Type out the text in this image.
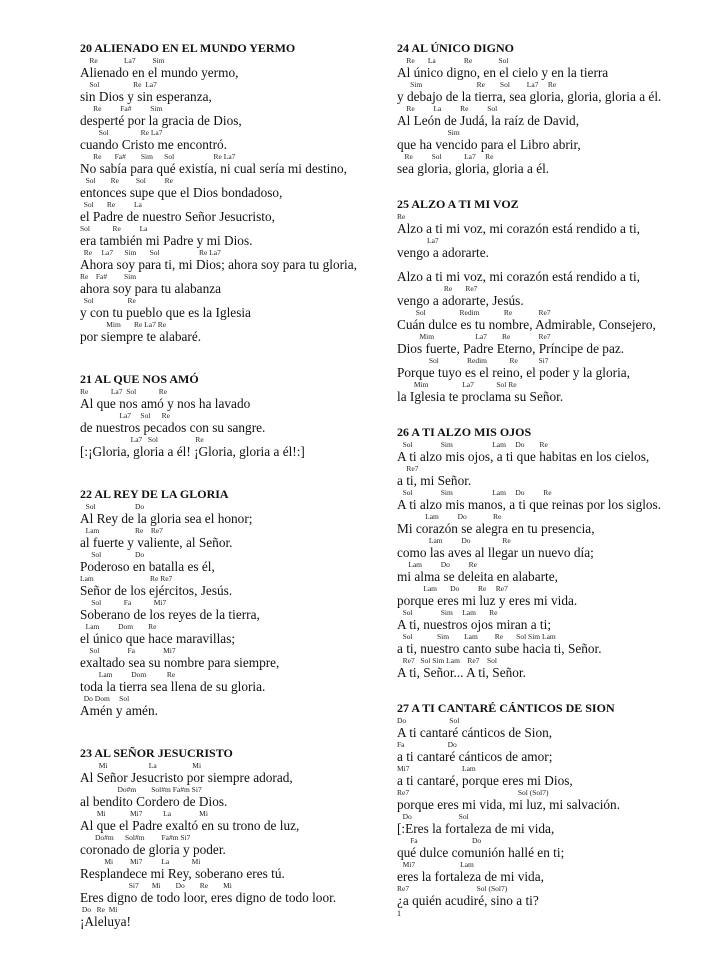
20 ALIENADO EN EL MUNDO YERMO
Re              La7         Sim
Alienado en el mundo yermo,
Sol                  Re  La7
sin Dios y sin esperanza,
Re          Fa#          Sim
desperté por la gracia de Dios,
Sol                 Re La7
cuando Cristo me encontró.
Re       Fa#        Sim      Sol                     Re La7
No sabía para qué existía, ni cual sería mi destino,
Sol        Re         Sol          Re
entonces supe que el Dios bondadoso,
Sol       Re          La
el Padre de nuestro Señor Jesucristo,
Sol            Re          La
era también mi Padre y mi Dios.
Re     La7      Sim       Sol                     Re La7
Ahora soy para ti, mi Dios; ahora soy para tu gloria,
Re    Fa#         Sim
ahora soy para tu alabanza
Sol                  Re
y con tu pueblo que es la Iglesia
Mim       Re La7 Re
por siempre te alabaré.
21 AL QUE NOS AMÓ
Re            La7  Sol            Re
Al que nos amó y nos ha lavado
La7     Sol      Re
de nuestros pecados con su sangre.
La7   Sol                    Re
[:¡Gloria, gloria a él! ¡Gloria, gloria a él!:]
22 AL REY DE LA GLORIA
Sol                     Do
Al Rey de la gloria sea el honor;
Lam                   Re    Re7
al fuerte y valiente, al Señor.
Sol                  Do
Poderoso en batalla es él,
Lam                              Re Re7
Señor de los ejércitos, Jesús.
Sol            Fa            Mi7
Soberano de los reyes de la tierra,
Lam          Dom        Re
el único que hace maravillas;
Sol               Fa               Mi7
exaltado sea su nombre para siempre,
Lam          Dom           Re
toda la tierra sea llena de su gloria.
Do Dom     Sol
Amén y amén.
23 AL SEÑOR JESUCRISTO
Mi                      La                   Mi
Al Señor Jesucristo por siempre adorad,
Do#m        Sol#m Fa#m Si7
al bendito Cordero de Dios.
Mi             Mi7           La               Mi
Al que el Padre exaltó en su trono de luz,
Do#m      Sol#m         Fa#m Si7
coronado de gloria y poder.
Mi         Mi7          La            Mi
Resplandece mi Rey, soberano eres tú.
Si7       Mi        Do        Re        Mi
Eres digno de todo loor, eres digno de todo loor.
Do   Re  Mi
¡Aleluya!
24 AL ÚNICO DIGNO
Re       La               Re              Sol
Al único digno, en el cielo y en la tierra
Sim                             Re        Sol         La7     Re
y debajo de la tierra, sea gloria, gloria, gloria a él.
Re          La          Re          Sol
Al León de Judá, la raíz de David,
Sim
que ha vencido para el Libro abrir,
Re          Sol            La7     Re
sea gloria, gloria, gloria a él.
25 ALZO A TI MI VOZ
Re
Alzo a ti mi voz, mi corazón está rendido a ti,
La7
vengo a adorarte.
Alzo a ti mi voz, mi corazón está rendido a ti,
Re       Re7
vengo a adorarte, Jesús.
Sol                  Redim             Re              Re7
Cuán dulce es tu nombre, Admirable, Consejero,
Mim                      La7        Re               Re7
Dios fuerte, Padre Eterno, Príncipe de paz.
Sol               Redim            Re           Si7
Porque tuyo es el reino, el poder y la gloria,
Mim                  La7            Sol Re
la Iglesia te proclama su Señor.
26 A TI ALZO MIS OJOS
Sol               Sim                     Lam     Do        Re
A ti alzo mis ojos, a ti que habitas en los cielos,
Re7
a ti, mi Señor.
Sol               Sim                     Lam     Do          Re
A ti alzo mis manos, a ti que reinas por los siglos.
Lam          Do              Re
Mi corazón se alegra en tu presencia,
Lam          Do                 Re
como las aves al llegar un nuevo día;
Lam          Do          Re
mi alma se deleita en alabarte,
Lam       Do          Re     Re7
porque eres mi luz y eres mi vida.
Sol               Sim     Lam       Re
A ti, nuestros ojos miran a ti;
Sol             Sim        Lam         Re       Sol Sim Lam
a ti, nuestro canto sube hacia ti, Señor.
Re7   Sol Sim Lam    Re7    Sol
A ti, Señor... A ti, Señor.
27 A TI CANTARÉ CÁNTICOS DE SION
Do                       Sol
A ti cantaré cánticos de Sion,
Fa                       Do
a ti cantaré cánticos de amor;
Mi7                            Lam
a ti cantaré, porque eres mi Dios,
Re7                                                          Sol (Sol7)
porque eres mi vida, mi luz, mi salvación.
Do                         Sol
[:Eres la fortaleza de mi vida,
Fa                             Do
qué dulce comunión hallé en ti;
Mi7                        Lam
eres la fortaleza de mi vida,
Re7                                    Sol (Sol7)
¿a quién acudiré, sino a ti?
1
